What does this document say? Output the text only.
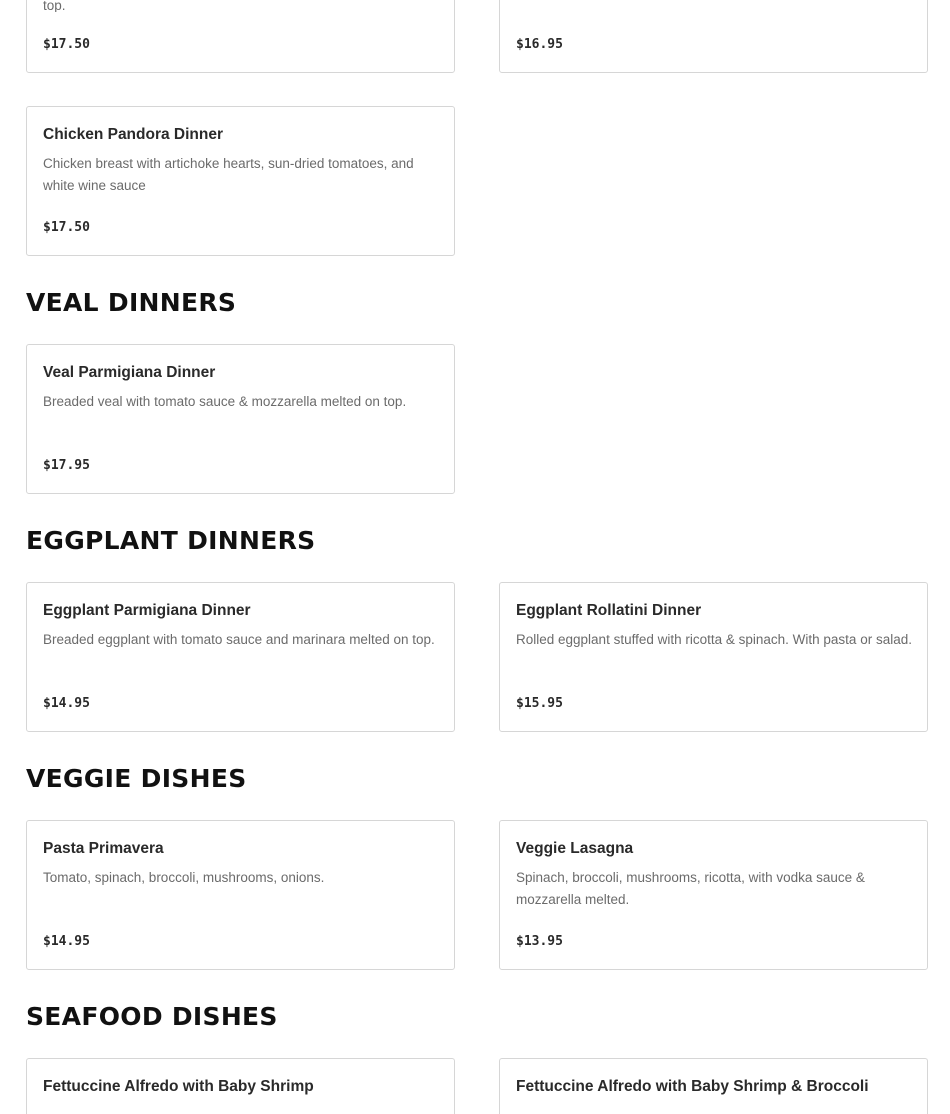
top.
$17.50	$16.95
Chicken Pandora Dinner
Chicken breast with artichoke hearts, sun-dried tomatoes, and white wine sauce
$17.50
VEAL DINNERS
Veal Parmigiana Dinner
Breaded veal with tomato sauce & mozzarella melted on top.
$17.95
EGGPLANT DINNERS
Eggplant Parmigiana Dinner
Breaded eggplant with tomato sauce and marinara melted on top.
$14.95
Eggplant Rollatini Dinner
Rolled eggplant stuffed with ricotta & spinach. With pasta or salad.
$15.95
VEGGIE DISHES
Pasta Primavera
Tomato, spinach, broccoli, mushrooms, onions.
$14.95
Veggie Lasagna
Spinach, broccoli, mushrooms, ricotta, with vodka sauce & mozzarella melted.
$13.95
SEAFOOD DISHES
Fettuccine Alfredo with Baby Shrimp	Fettuccine Alfredo with Baby Shrimp & Broccoli
